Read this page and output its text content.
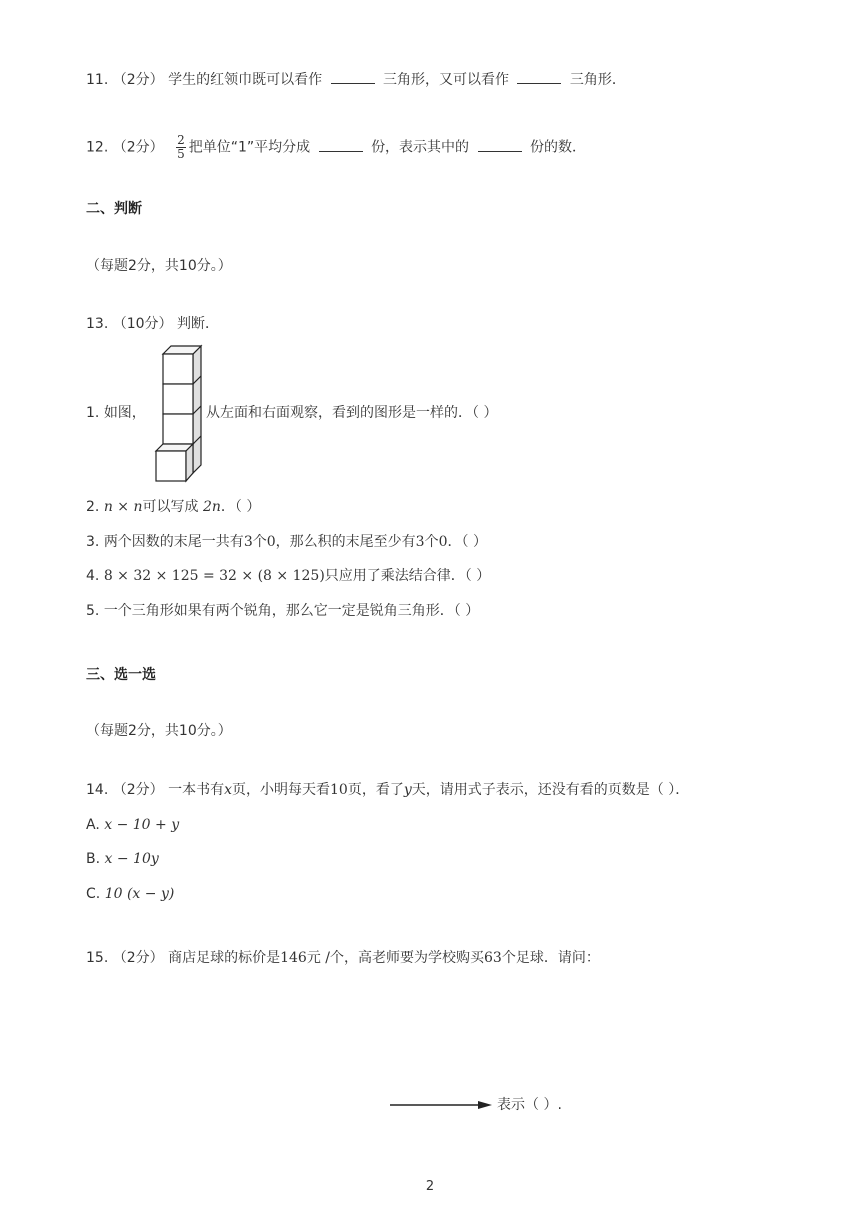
11. （2分） 学生的红领巾既可以看作	三角形，又可以看作	三角形．
12. （2分） $\frac{2}{5}$ 把单位“1”平均分成	份，表示其中的	份的数．
二、判断
（每题2分，共10分。）
13. （10分） 判断．
1. 如图，	从左面和右面观察，看到的图形是一样的．（ ）
2. n × n可以写成 2n．（ ）
3. 两个因数的末尾一共有3个0，那么积的末尾至少有3个0．（ ）
4. 8 × 32 × 125 = 32 × (8 × 125)只应用了乘法结合律．（ ）
5. 一个三角形如果有两个锐角，那么它一定是锐角三角形．（ ）
三、选一选
（每题2分，共10分。）
14. （2分） 一本书有x页，小明每天看10页，看了y天，请用式子表示，还没有看的页数是（ ）．
A. x − 10 + y
B. x − 10y
C. 10 (x − y)
15. （2分） 商店足球的标价是146元 /个，高老师要为学校购买63个足球．请问：
表示（ ）.
2
